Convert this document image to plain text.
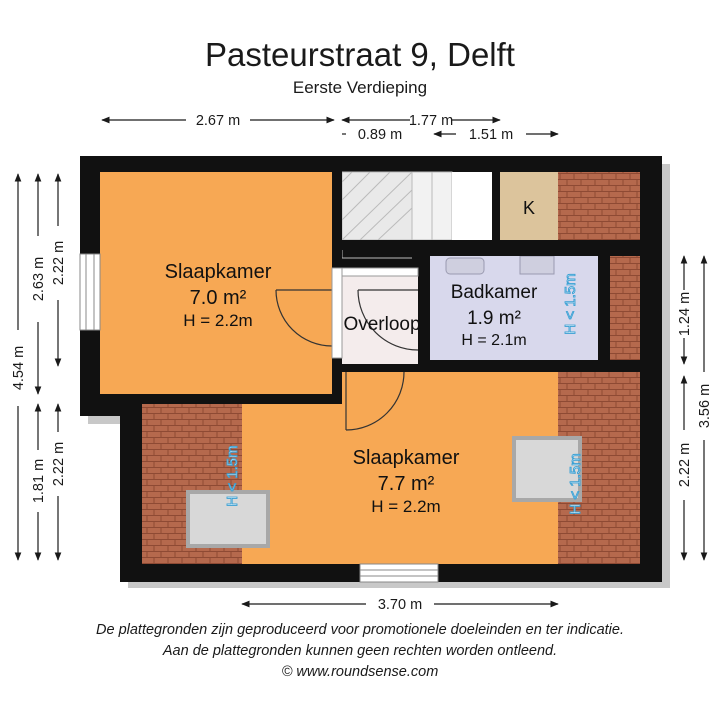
Pasteurstraat 9, Delft
Eerste Verdieping
Slaapkamer
7.0 m²
H = 2.2m	Overloop
Badkamer
1.9 m²
H = 2.1m
Slaapkamer
7.7 m²
H = 2.2m
K
H < 1.5m
H < 1.5m	H < 1.5m
2.67 m	1.77 m
0.89 m	1.51 m
3.70 m
4.54 m
2.63 m 2.22 m
1.81 m 2.22 m
1.24 m
3.56 m
2.22 m
De plattegronden zijn geproduceerd voor promotionele doeleinden en ter indicatie.
Aan de plattegronden kunnen geen rechten worden ontleend.
© www.roundsense.com
